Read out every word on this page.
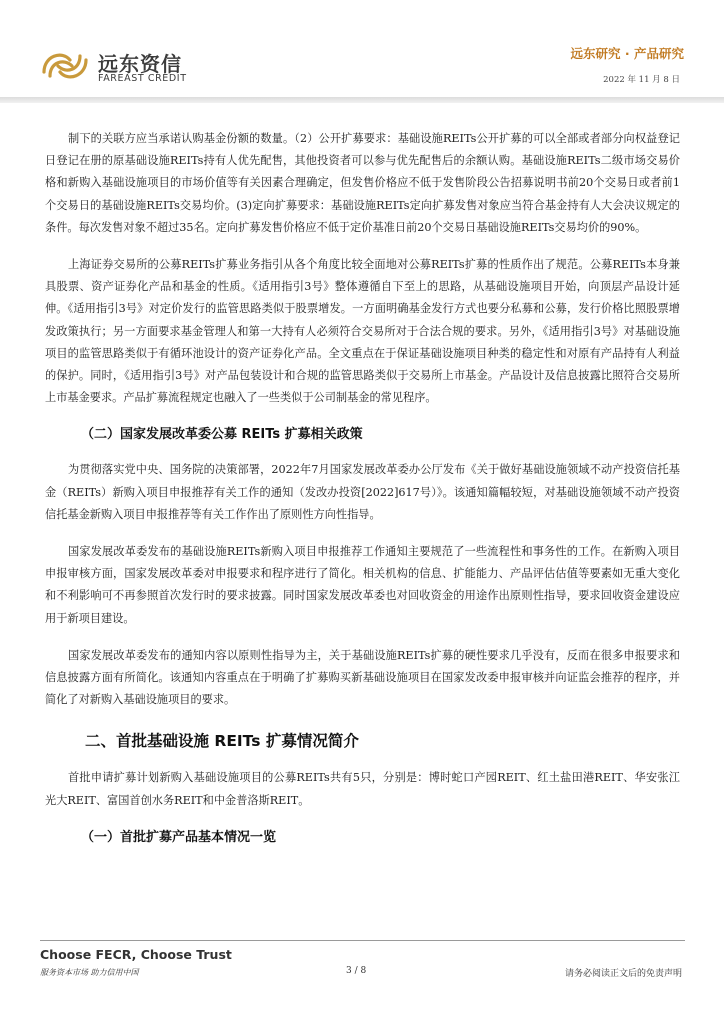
远东资信
FAREAST CREDIT
远东研究 · 产品研究
2022 年 11 月 8 日

制下的关联方应当承诺认购基金份额的数量。（2）公开扩募要求：基础设施REITs公开扩募的可以全部或者部分向权益登记日登记在册的原基础设施REITs持有人优先配售，其他投资者可以参与优先配售后的余额认购。基础设施REITs二级市场交易价格和新购入基础设施项目的市场价值等有关因素合理确定，但发售价格应不低于发售阶段公告招募说明书前20个交易日或者前1个交易日的基础设施REITs交易均价。(3)定向扩募要求：基础设施REITs定向扩募发售对象应当符合基金持有人大会决议规定的条件。每次发售对象不超过35名。定向扩募发售价格应不低于定价基准日前20个交易日基础设施REITs交易均价的90%。

上海证券交易所的公募REITs扩募业务指引从各个角度比较全面地对公募REITs扩募的性质作出了规范。公募REITs本身兼具股票、资产证券化产品和基金的性质。《适用指引3号》整体遵循自下至上的思路，从基础设施项目开始，向顶层产品设计延伸。《适用指引3号》对定价发行的监管思路类似于股票增发。一方面明确基金发行方式也要分私募和公募，发行价格比照股票增发政策执行；另一方面要求基金管理人和第一大持有人必须符合交易所对于合法合规的要求。另外，《适用指引3号》对基础设施项目的监管思路类似于有循环池设计的资产证券化产品。全文重点在于保证基础设施项目种类的稳定性和对原有产品持有人利益的保护。同时，《适用指引3号》对产品包装设计和合规的监管思路类似于交易所上市基金。产品设计及信息披露比照符合交易所上市基金要求。产品扩募流程规定也融入了一些类似于公司制基金的常见程序。

（二）国家发展改革委公募 REITs 扩募相关政策

为贯彻落实党中央、国务院的决策部署，2022年7月国家发展改革委办公厅发布《关于做好基础设施领域不动产投资信托基金（REITs）新购入项目申报推荐有关工作的通知（发改办投资[2022]617号）》。该通知篇幅较短，对基础设施领域不动产投资信托基金新购入项目申报推荐等有关工作作出了原则性方向性指导。

国家发展改革委发布的基础设施REITs新购入项目申报推荐工作通知主要规范了一些流程性和事务性的工作。在新购入项目申报审核方面，国家发展改革委对申报要求和程序进行了简化。相关机构的信息、扩能能力、产品评估估值等要素如无重大变化和不利影响可不再参照首次发行时的要求披露。同时国家发展改革委也对回收资金的用途作出原则性指导，要求回收资金建设应用于新项目建设。

国家发展改革委发布的通知内容以原则性指导为主，关于基础设施REITs扩募的硬性要求几乎没有，反而在很多申报要求和信息披露方面有所简化。该通知内容重点在于明确了扩募购买新基础设施项目在国家发改委申报审核并向证监会推荐的程序，并简化了对新购入基础设施项目的要求。

二、首批基础设施 REITs 扩募情况简介

首批申请扩募计划新购入基础设施项目的公募REITs共有5只，分别是：博时蛇口产园REIT、红土盐田港REIT、华安张江光大REIT、富国首创水务REIT和中金普洛斯REIT。

（一）首批扩募产品基本情况一览
Choose FECR, Choose Trust
服务资本市场 助力信用中国	3 / 8	请务必阅读正文后的免责声明
